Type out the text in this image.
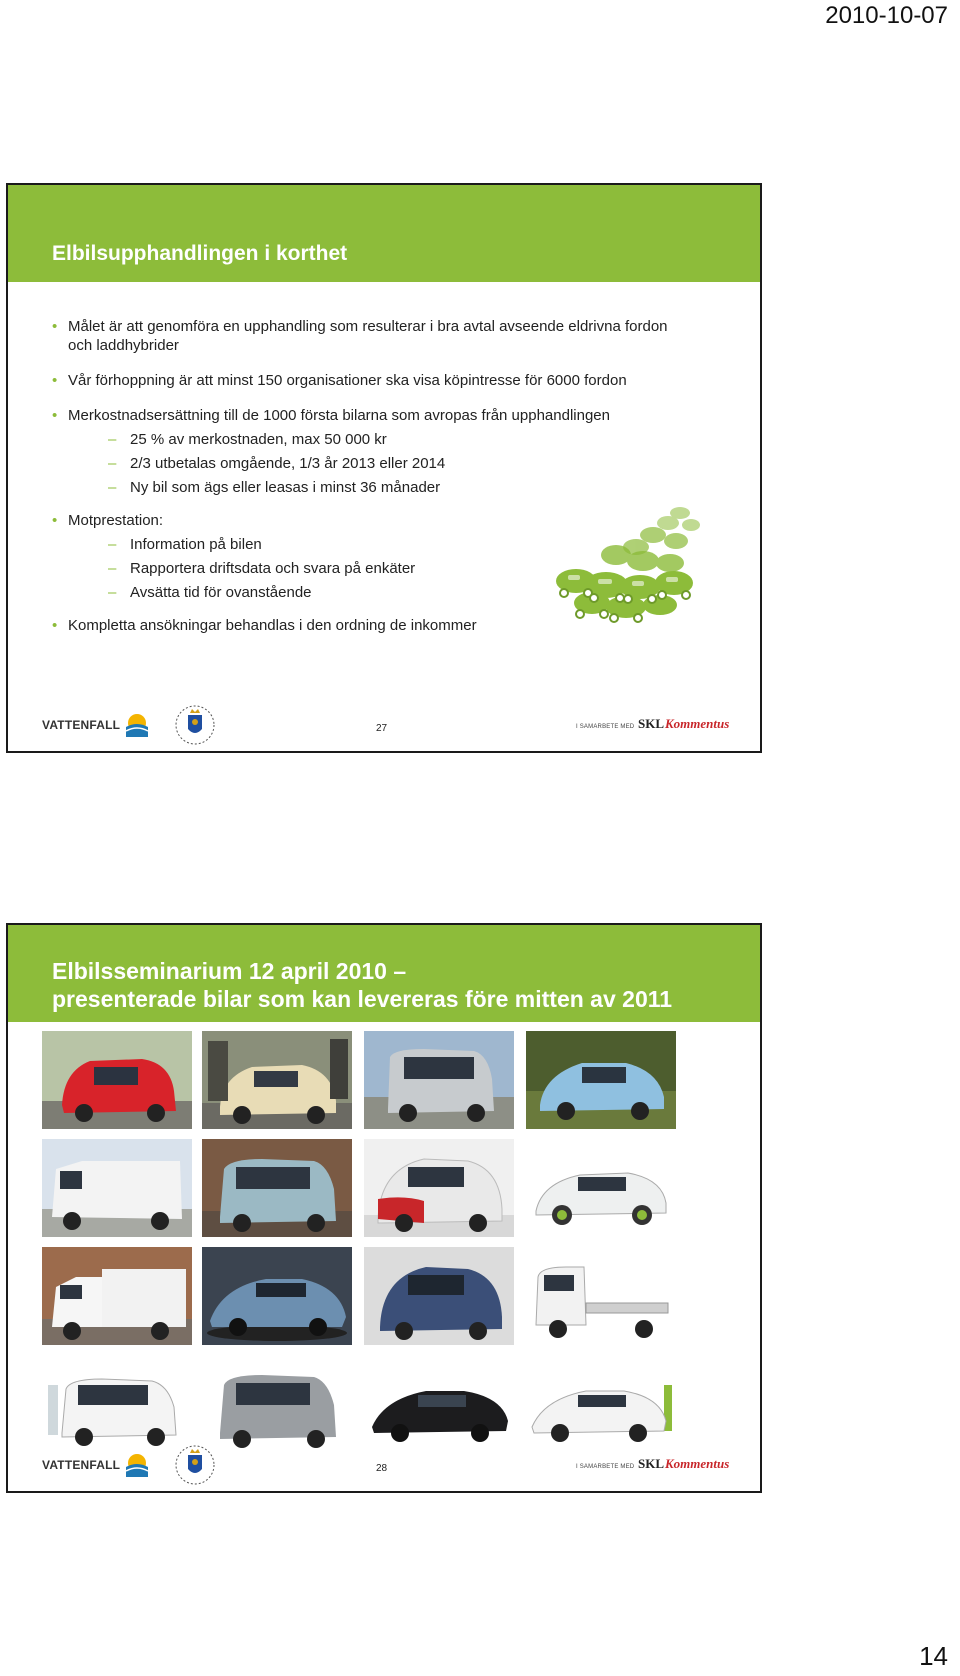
2010-10-07
Elbilsupphandlingen i korthet
• Målet är att genomföra en upphandling som resulterar i bra avtal avseende eldrivna fordon och laddhybrider
• Vår förhoppning är att minst 150 organisationer ska visa köpintresse för 6000 fordon
• Merkostnadsersättning till de 1000 första bilarna som avropas från upphandlingen
– 25 % av merkostnaden, max 50 000 kr
– 2/3 utbetalas omgående, 1/3 år 2013 eller 2014
– Ny bil som ägs eller leasas i minst 36 månader
• Motprestation:
– Information på bilen
– Rapportera driftsdata och svara på enkäter
– Avsätta tid för ovanstående
• Kompletta ansökningar behandlas i den ordning de inkommer
VATTENFALL	27	I SAMARBETE MED SKL Kommentus
Elbilsseminarium 12 april 2010 –
presenterade bilar som kan levereras före mitten av 2011
VATTENFALL	28	I SAMARBETE MED SKL Kommentus
14
